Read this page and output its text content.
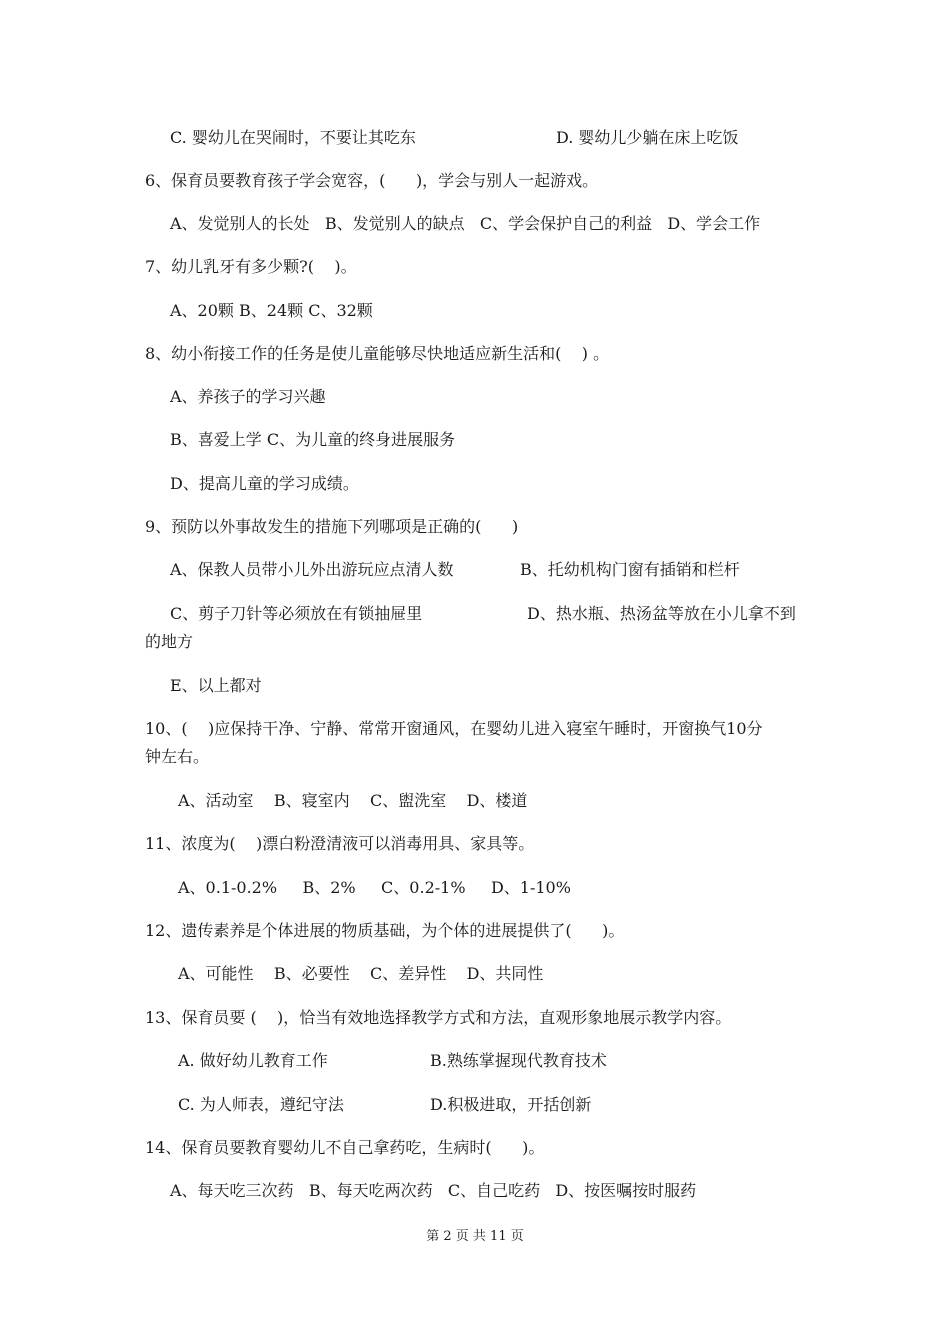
C. 婴幼儿在哭闹时，不要让其吃东	D. 婴幼儿少躺在床上吃饭
6、保育员要教育孩子学会宽容，(      )，学会与别人一起游戏。
A、发觉别人的长处   B、发觉别人的缺点   C、学会保护自己的利益   D、学会工作
7、幼儿乳牙有多少颗?(    )。
A、20颗 B、24颗 C、32颗
8、幼小衔接工作的任务是使儿童能够尽快地适应新生活和(    ) 。
A、养孩子的学习兴趣
B、喜爱上学 C、为儿童的终身进展服务
D、提高儿童的学习成绩。
9、预防以外事故发生的措施下列哪项是正确的(      )
A、保教人员带小儿外出游玩应点清人数	B、托幼机构门窗有插销和栏杆
C、剪子刀针等必须放在有锁抽屉里	D、热水瓶、热汤盆等放在小儿拿不到
的地方
E、以上都对
10、(    )应保持干净、宁静、常常开窗通风，在婴幼儿进入寝室午睡时，开窗换气10分
钟左右。
A、活动室    B、寝室内    C、盥洗室    D、楼道
11、浓度为(    )漂白粉澄清液可以消毒用具、家具等。
A、0.1-0.2%     B、2%     C、0.2-1%     D、1-10%
12、遗传素养是个体进展的物质基础，为个体的进展提供了(      )。
A、可能性    B、必要性    C、差异性    D、共同性
13、保育员要 (    )，恰当有效地选择教学方式和方法，直观形象地展示教学内容。
A. 做好幼儿教育工作	B.熟练掌握现代教育技术
C. 为人师表，遵纪守法	D.积极进取，开括创新
14、保育员要教育婴幼儿不自己拿药吃，生病时(      )。
A、每天吃三次药   B、每天吃两次药   C、自己吃药   D、按医嘱按时服药
第 2 页 共 11 页
